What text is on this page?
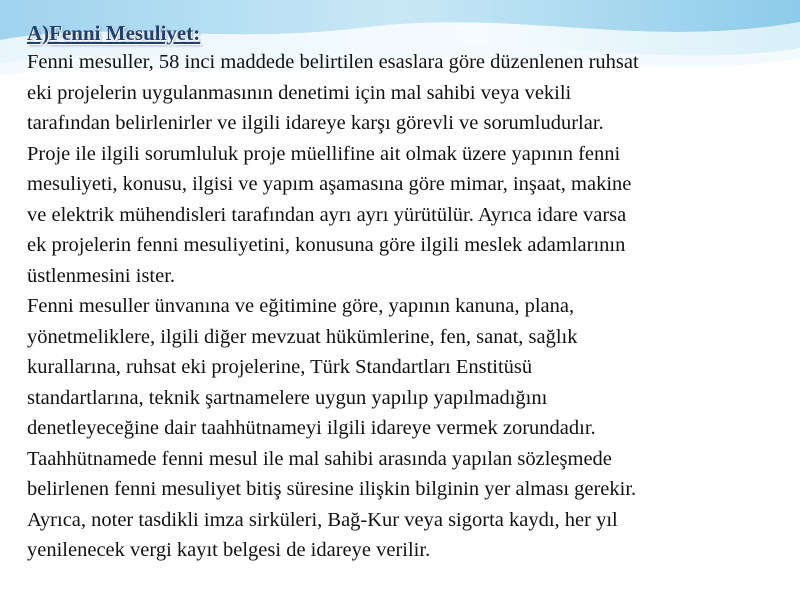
A)Fenni Mesuliyet:

Fenni mesuller, 58 inci maddede belirtilen esaslara göre düzenlenen ruhsat
eki projelerin uygulanmasının denetimi için mal sahibi veya vekili
tarafından belirlenirler ve ilgili idareye karşı görevli ve sorumludurlar.

Proje ile ilgili sorumluluk proje müellifine ait olmak üzere yapının fenni
mesuliyeti, konusu, ilgisi ve yapım aşamasına göre mimar, inşaat, makine
ve elektrik mühendisleri tarafından ayrı ayrı yürütülür. Ayrıca idare varsa
ek projelerin fenni mesuliyetini, konusuna göre ilgili meslek adamlarının
üstlenmesini ister.

Fenni mesuller ünvanına ve eğitimine göre, yapının kanuna, plana,
yönetmeliklere, ilgili diğer mevzuat hükümlerine, fen, sanat, sağlık
kurallarına, ruhsat eki projelerine, Türk Standartları Enstitüsü
standartlarına, teknik şartnamelere uygun yapılıp yapılmadığını
denetleyeceğine dair taahhütnameyi ilgili idareye vermek zorundadır.

Taahhütnamede fenni mesul ile mal sahibi arasında yapılan sözleşmede
belirlenen fenni mesuliyet bitiş süresine ilişkin bilginin yer alması gerekir.

Ayrıca, noter tasdikli imza sirküleri, Bağ-Kur veya sigorta kaydı, her yıl
yenilenecek vergi kayıt belgesi de idareye verilir.
